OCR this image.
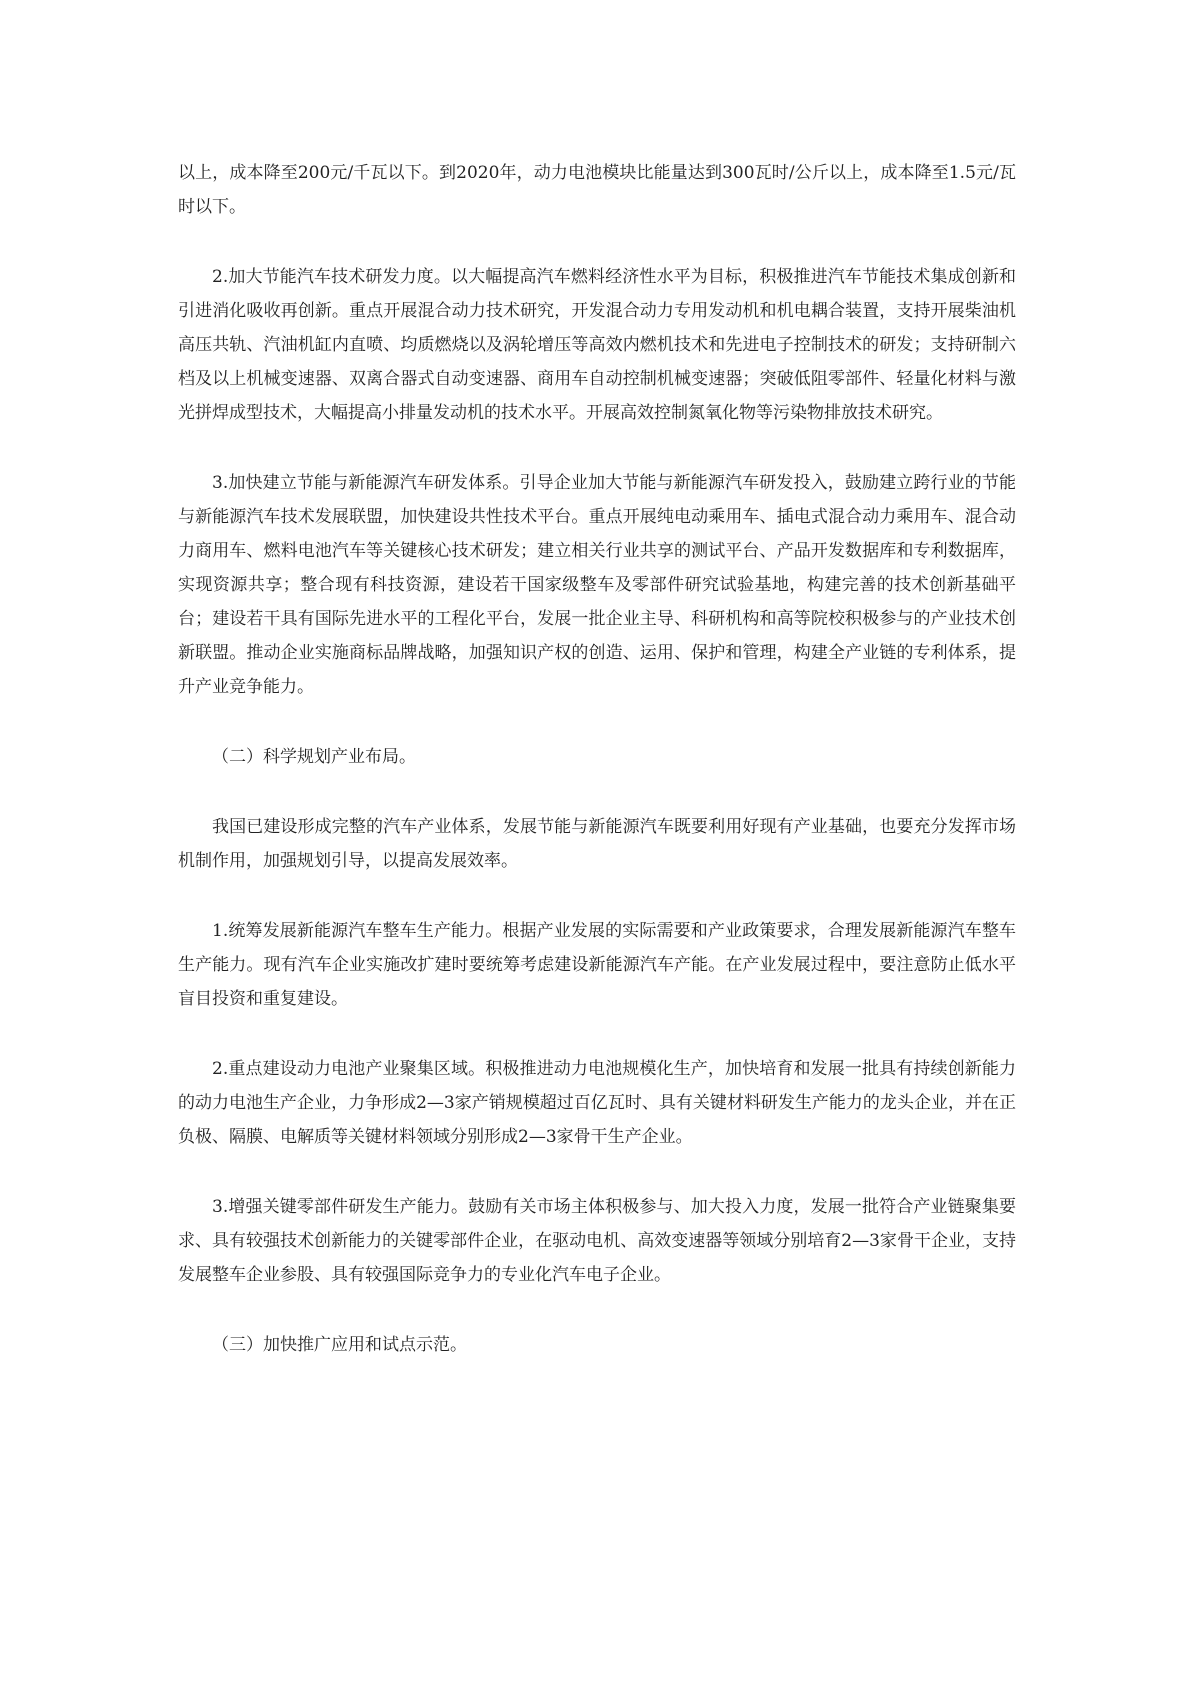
以上，成本降至200元/千瓦以下。到2020年，动力电池模块比能量达到300瓦时/公斤以上，成本降至1.5元/瓦时以下。

2.加大节能汽车技术研发力度。以大幅提高汽车燃料经济性水平为目标，积极推进汽车节能技术集成创新和引进消化吸收再创新。重点开展混合动力技术研究，开发混合动力专用发动机和机电耦合装置，支持开展柴油机高压共轨、汽油机缸内直喷、均质燃烧以及涡轮增压等高效内燃机技术和先进电子控制技术的研发；支持研制六档及以上机械变速器、双离合器式自动变速器、商用车自动控制机械变速器；突破低阻零部件、轻量化材料与激光拼焊成型技术，大幅提高小排量发动机的技术水平。开展高效控制氮氧化物等污染物排放技术研究。

3.加快建立节能与新能源汽车研发体系。引导企业加大节能与新能源汽车研发投入，鼓励建立跨行业的节能与新能源汽车技术发展联盟，加快建设共性技术平台。重点开展纯电动乘用车、插电式混合动力乘用车、混合动力商用车、燃料电池汽车等关键核心技术研发；建立相关行业共享的测试平台、产品开发数据库和专利数据库，实现资源共享；整合现有科技资源，建设若干国家级整车及零部件研究试验基地，构建完善的技术创新基础平台；建设若干具有国际先进水平的工程化平台，发展一批企业主导、科研机构和高等院校积极参与的产业技术创新联盟。推动企业实施商标品牌战略，加强知识产权的创造、运用、保护和管理，构建全产业链的专利体系，提升产业竞争能力。

（二）科学规划产业布局。

我国已建设形成完整的汽车产业体系，发展节能与新能源汽车既要利用好现有产业基础，也要充分发挥市场机制作用，加强规划引导，以提高发展效率。

1.统筹发展新能源汽车整车生产能力。根据产业发展的实际需要和产业政策要求，合理发展新能源汽车整车生产能力。现有汽车企业实施改扩建时要统筹考虑建设新能源汽车产能。在产业发展过程中，要注意防止低水平盲目投资和重复建设。

2.重点建设动力电池产业聚集区域。积极推进动力电池规模化生产，加快培育和发展一批具有持续创新能力的动力电池生产企业，力争形成2—3家产销规模超过百亿瓦时、具有关键材料研发生产能力的龙头企业，并在正负极、隔膜、电解质等关键材料领域分别形成2—3家骨干生产企业。

3.增强关键零部件研发生产能力。鼓励有关市场主体积极参与、加大投入力度，发展一批符合产业链聚集要求、具有较强技术创新能力的关键零部件企业，在驱动电机、高效变速器等领域分别培育2—3家骨干企业，支持发展整车企业参股、具有较强国际竞争力的专业化汽车电子企业。

（三）加快推广应用和试点示范。
